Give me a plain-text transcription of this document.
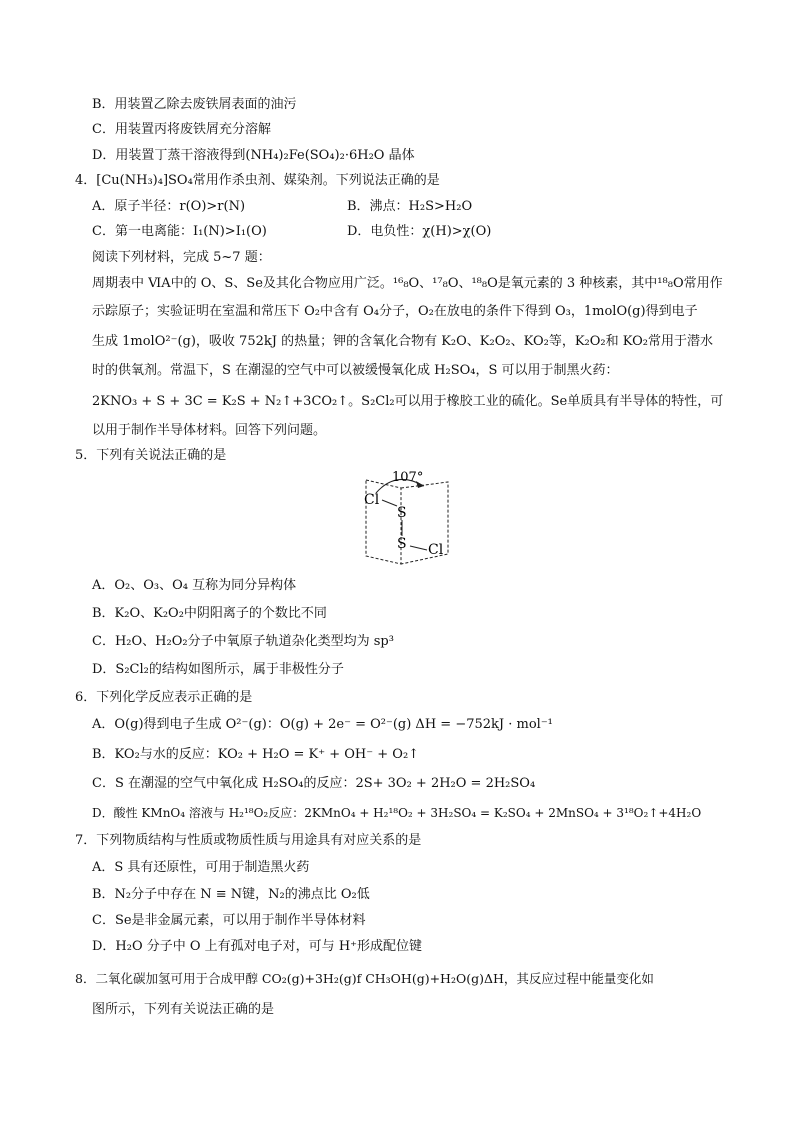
B．用装置乙除去废铁屑表面的油污
C．用装置丙将废铁屑充分溶解
D．用装置丁蒸干溶液得到(NH₄)₂Fe(SO₄)₂·6H₂O 晶体
4．[Cu(NH₃)₄]SO₄常用作杀虫剂、媒染剂。下列说法正确的是
A．原子半径：r(O)>r(N)	B．沸点：H₂S>H₂O
C．第一电离能：I₁(N)>I₁(O)	D．电负性：χ(H)>χ(O)
阅读下列材料，完成 5~7 题：
周期表中 ⅥA中的 O、S、Se及其化合物应用广泛。¹⁶₈O、¹⁷₈O、¹⁸₈O是氧元素的 3 种核素，其中¹⁸₈O常用作
示踪原子；实验证明在室温和常压下 O₂中含有 O₄分子，O₂在放电的条件下得到 O₃，1molO(g)得到电子
生成 1molO²⁻(g)，吸收 752kJ 的热量；钾的含氧化合物有 K₂O、K₂O₂、KO₂等，K₂O₂和 KO₂常用于潜水
时的供氧剂。常温下，S 在潮湿的空气中可以被缓慢氧化成 H₂SO₄，S 可以用于制黑火药：
2KNO₃ + S + 3C = K₂S + N₂↑+3CO₂↑。S₂Cl₂可以用于橡胶工业的硫化。Se单质具有半导体的特性，可
以用于制作半导体材料。回答下列问题。
5．下列有关说法正确的是
107°
Cl
S
S Cl
A．O₂、O₃、O₄ 互称为同分异构体
B．K₂O、K₂O₂中阴阳离子的个数比不同
C．H₂O、H₂O₂分子中氧原子轨道杂化类型均为 sp³
D．S₂Cl₂的结构如图所示，属于非极性分子
6．下列化学反应表示正确的是
A．O(g)得到电子生成 O²⁻(g)：O(g) + 2e⁻ = O²⁻(g) ΔH = −752kJ · mol⁻¹
B．KO₂与水的反应：KO₂ + H₂O = K⁺ + OH⁻ + O₂↑
C．S 在潮湿的空气中氧化成 H₂SO₄的反应：2S+ 3O₂ + 2H₂O = 2H₂SO₄
D．酸性 KMnO₄ 溶液与 H₂¹⁸O₂反应：2KMnO₄ + H₂¹⁸O₂ + 3H₂SO₄ = K₂SO₄ + 2MnSO₄ + 3¹⁸O₂↑+4H₂O
7．下列物质结构与性质或物质性质与用途具有对应关系的是
A．S 具有还原性，可用于制造黑火药
B．N₂分子中存在 N ≡ N键，N₂的沸点比 O₂低
C．Se是非金属元素，可以用于制作半导体材料
D．H₂O 分子中 O 上有孤对电子对，可与 H⁺形成配位键
8．二氧化碳加氢可用于合成甲醇 CO₂(g)+3H₂(g)f CH₃OH(g)+H₂O(g)ΔH，其反应过程中能量变化如
图所示，下列有关说法正确的是
